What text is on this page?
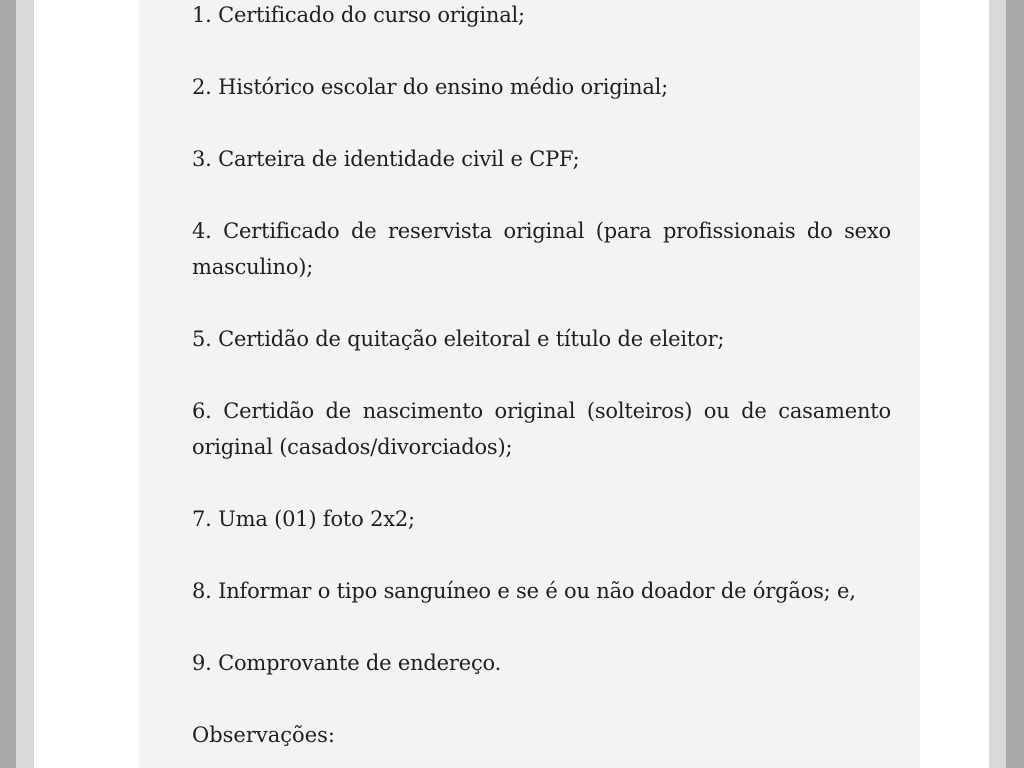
1. Certificado do curso original;
2. Histórico escolar do ensino médio original;
3. Carteira de identidade civil e CPF;
4. Certificado de reservista original (para profissionais do sexo masculino);
5. Certidão de quitação eleitoral e título de eleitor;
6. Certidão de nascimento original (solteiros) ou de casamento original (casados/divorciados);
7. Uma (01) foto 2x2;
8. Informar o tipo sanguíneo e se é ou não doador de órgãos; e,
9. Comprovante de endereço.

Observações:
